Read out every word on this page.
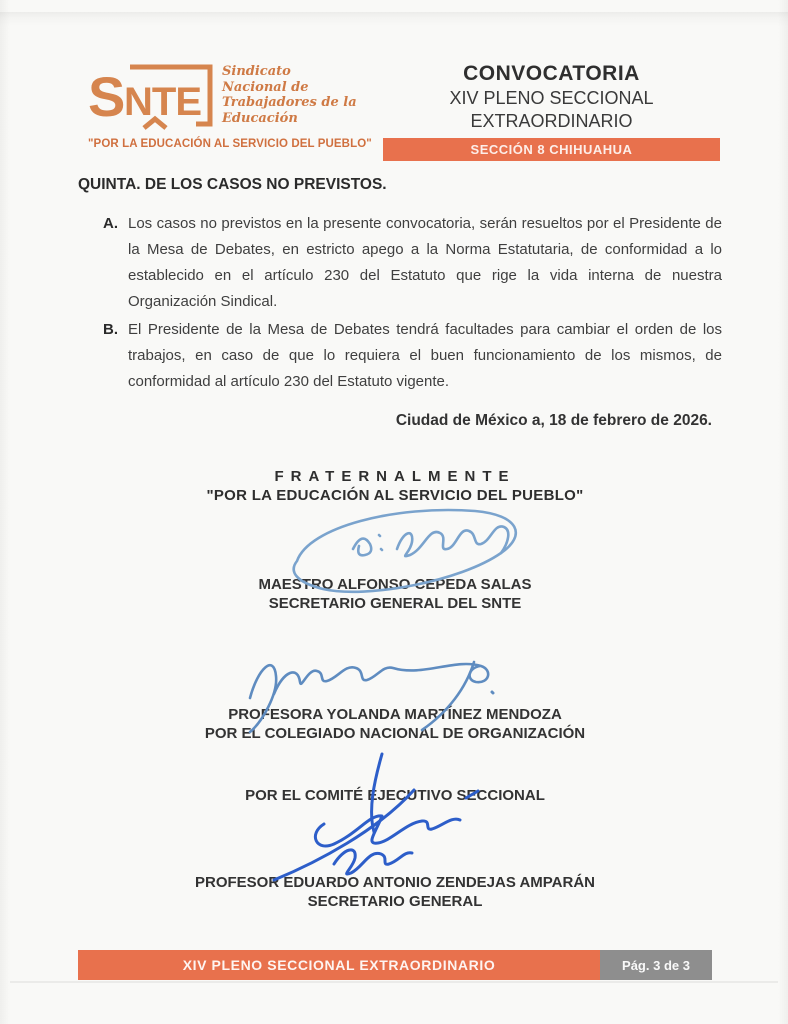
S
NTE
Sindicato
Nacional de
Trabajadores de la
Educación
"POR LA EDUCACIÓN AL SERVICIO DEL PUEBLO"
CONVOCATORIA
XIV PLENO SECCIONAL
EXTRAORDINARIO
SECCIÓN 8 CHIHUAHUA
QUINTA. DE LOS CASOS NO PREVISTOS.
A. Los casos no previstos en la presente convocatoria, serán resueltos por el Presidente de la Mesa de Debates, en estricto apego a la Norma Estatutaria, de conformidad a lo establecido en el artículo 230 del Estatuto que rige la vida interna de nuestra Organización Sindical.
B. El Presidente de la Mesa de Debates tendrá facultades para cambiar el orden de los trabajos, en caso de que lo requiera el buen funcionamiento de los mismos, de conformidad al artículo 230 del Estatuto vigente.
Ciudad de México a, 18 de febrero de 2026.
FRATERNALMENTE
"POR LA EDUCACIÓN AL SERVICIO DEL PUEBLO"
MAESTRO ALFONSO CEPEDA SALAS
SECRETARIO GENERAL DEL SNTE
PROFESORA YOLANDA MARTÍNEZ MENDOZA
POR EL COLEGIADO NACIONAL DE ORGANIZACIÓN
POR EL COMITÉ EJECUTIVO SECCIONAL
PROFESOR EDUARDO ANTONIO ZENDEJAS AMPARÁN
SECRETARIO GENERAL
XIV PLENO SECCIONAL EXTRAORDINARIO	Pág. 3 de 3
